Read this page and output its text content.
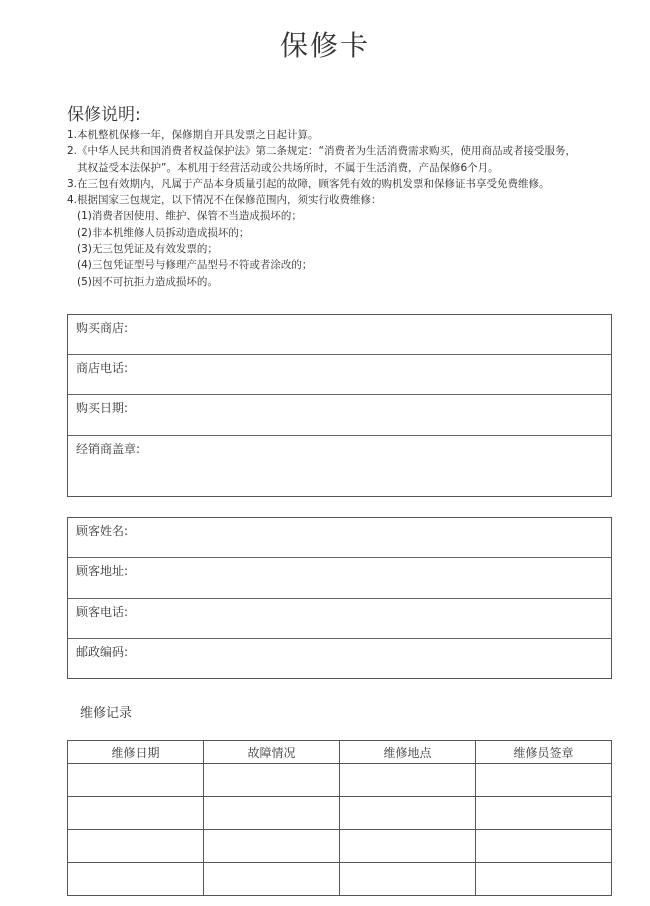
保修卡
保修说明:
1.本机整机保修一年，保修期自开具发票之日起计算。
2.《中华人民共和国消费者权益保护法》第二条规定：“消费者为生活消费需求购买，使用商品或者接受服务，
其权益受本法保护”。本机用于经营活动或公共场所时，不属于生活消费，产品保修6个月。
3.在三包有效期内，凡属于产品本身质量引起的故障，顾客凭有效的购机发票和保修证书享受免费维修。
4.根据国家三包规定，以下情况不在保修范围内，须实行收费维修：
(1)消费者因使用、维护、保管不当造成损坏的；
(2)非本机维修人员拆动造成损坏的；
(3)无三包凭证及有效发票的；
(4)三包凭证型号与修理产品型号不符或者涂改的；
(5)因不可抗拒力造成损坏的。
购买商店:
商店电话:
购买日期:
经销商盖章:
顾客姓名:
顾客地址:
顾客电话:
邮政编码:
维修记录
维修日期	故障情况	维修地点	维修员签章
